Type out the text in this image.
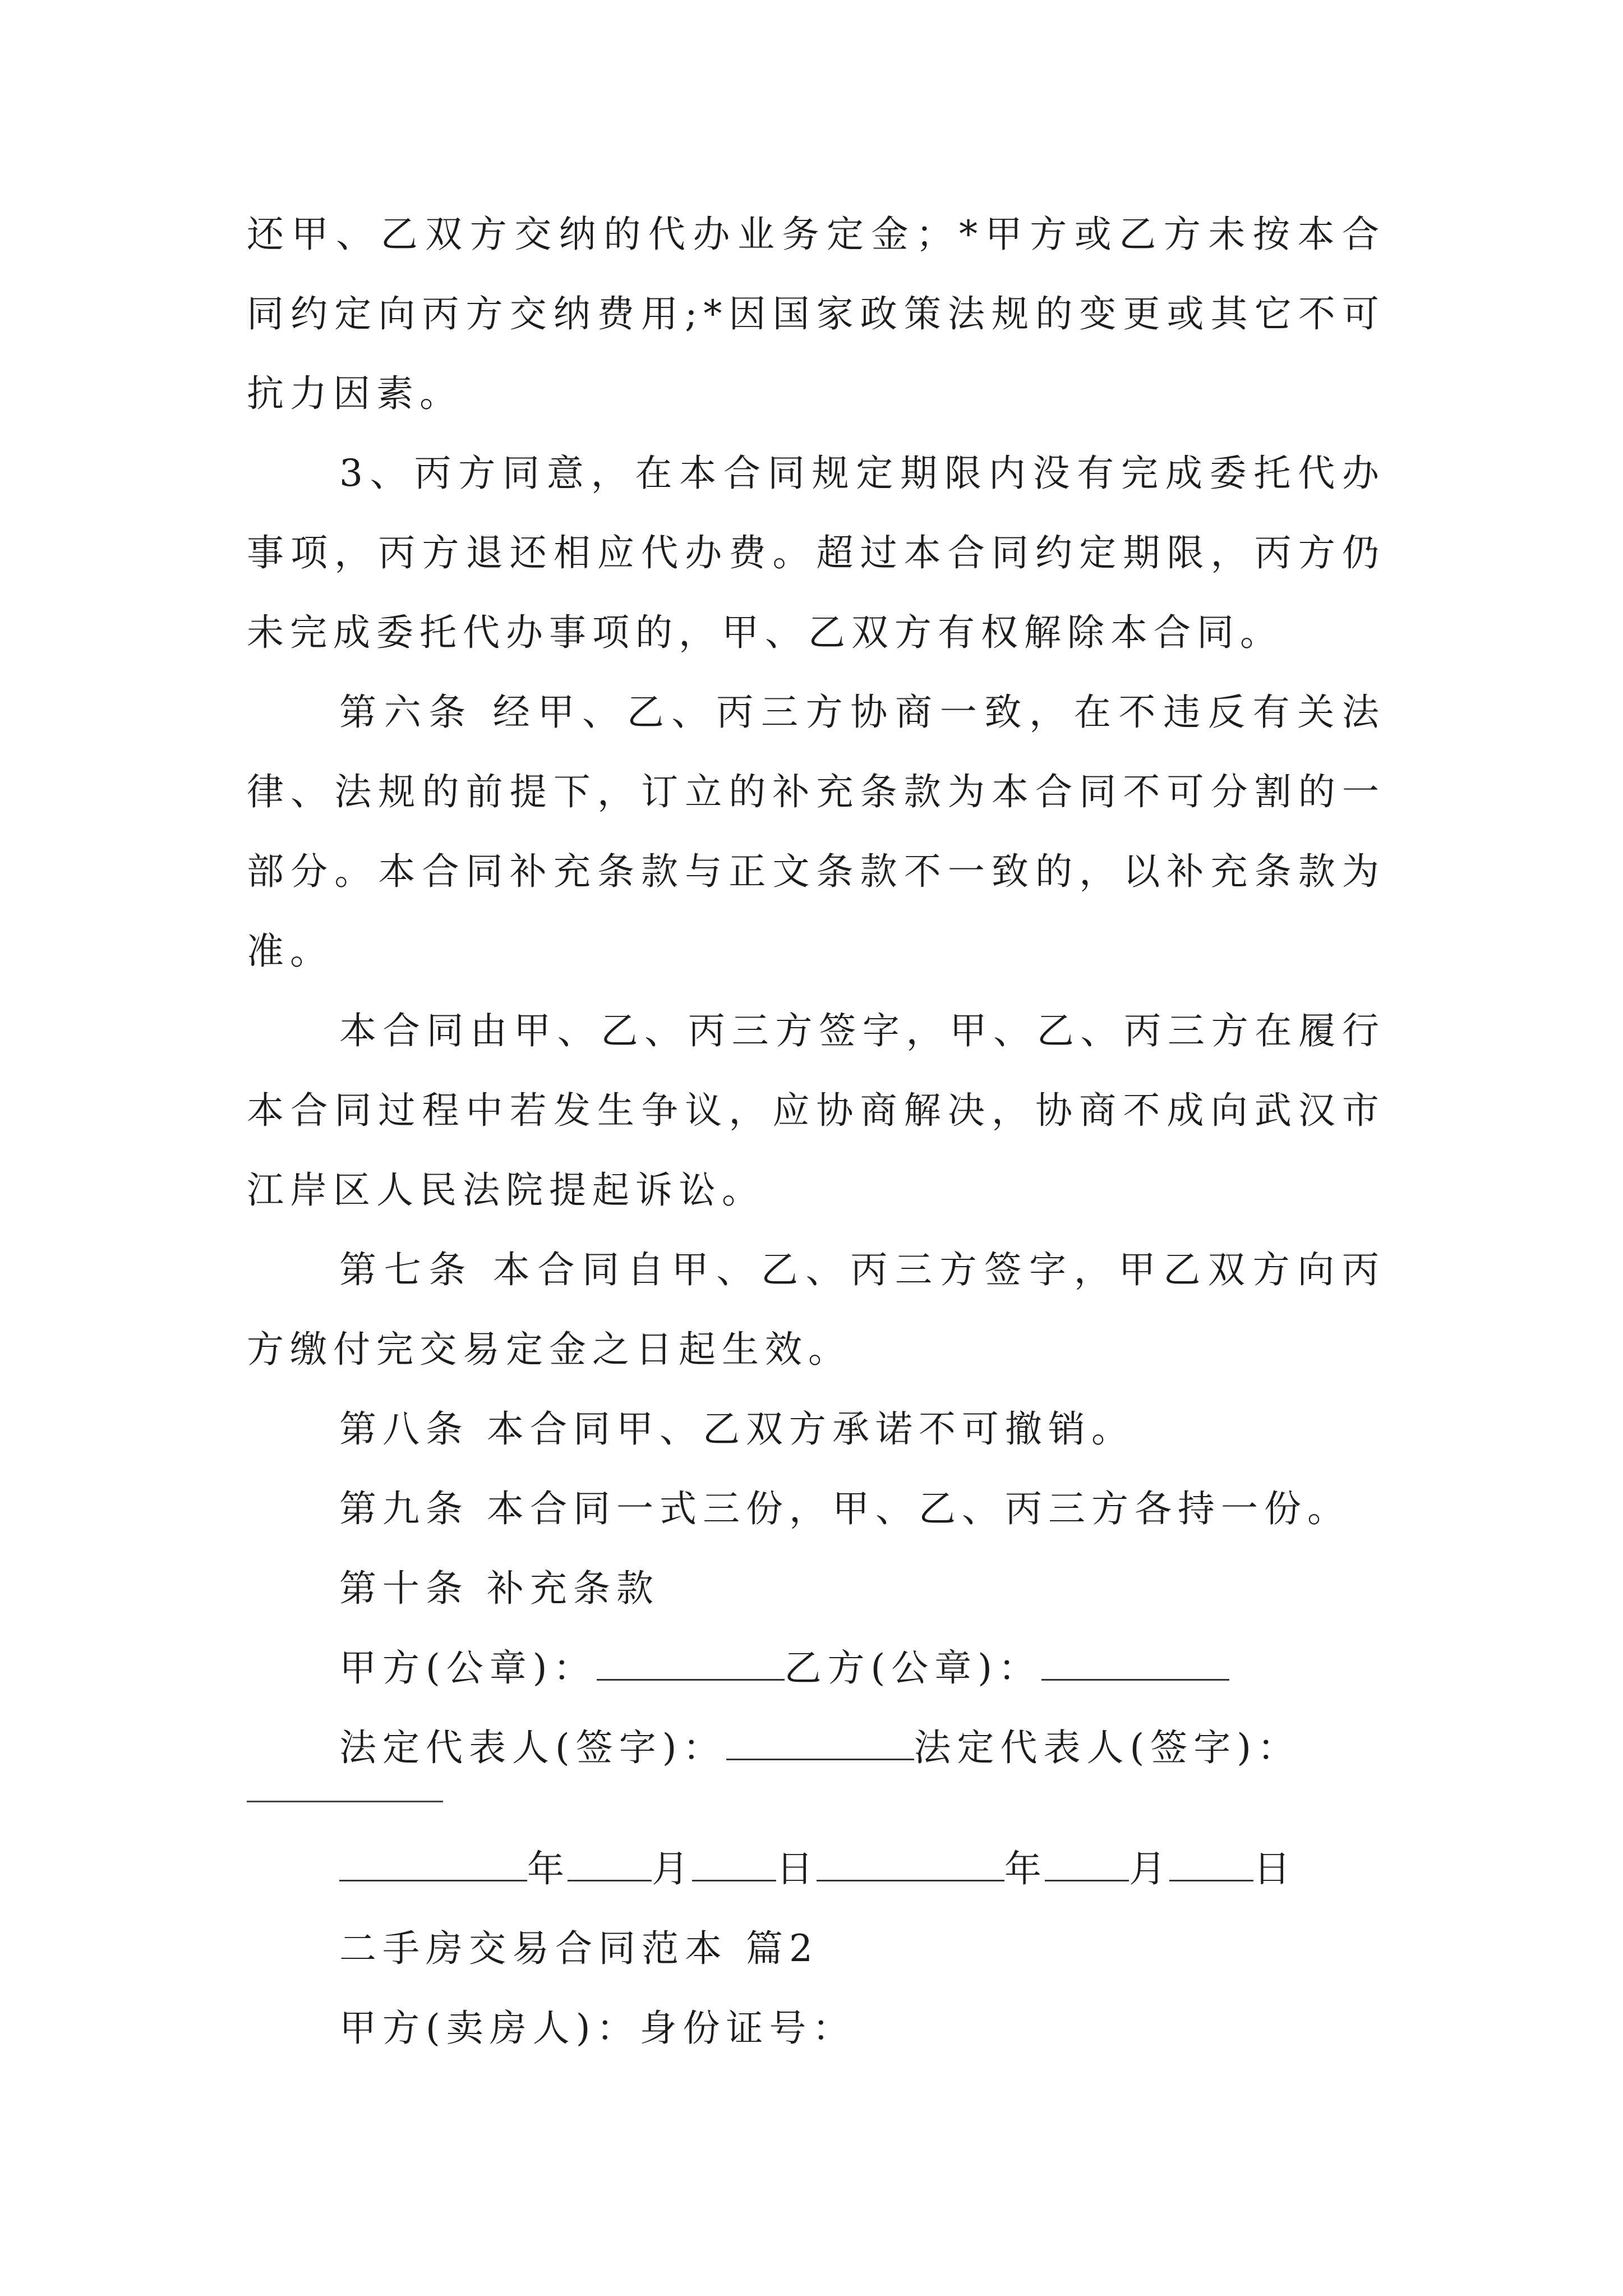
还甲、乙双方交纳的代办业务定金；*甲方或乙方未按本合

同约定向丙方交纳费用;*因国家政策法规的变更或其它不可

抗力因素。

3、丙方同意，在本合同规定期限内没有完成委托代办

事项，丙方退还相应代办费。超过本合同约定期限，丙方仍

未完成委托代办事项的，甲、乙双方有权解除本合同。

第六条 经甲、乙、丙三方协商一致，在不违反有关法

律、法规的前提下，订立的补充条款为本合同不可分割的一

部分。本合同补充条款与正文条款不一致的，以补充条款为

准。

本合同由甲、乙、丙三方签字，甲、乙、丙三方在履行

本合同过程中若发生争议，应协商解决，协商不成向武汉市

江岸区人民法院提起诉讼。

第七条 本合同自甲、乙、丙三方签字，甲乙双方向丙

方缴付完交易定金之日起生效。

第八条 本合同甲、乙双方承诺不可撤销。

第九条 本合同一式三份，甲、乙、丙三方各持一份。

第十条 补充条款

甲方(公章)：	乙方(公章)：

法定代表人(签字)：	法定代表人(签字)：

年 月 日	年 月 日

二手房交易合同范本 篇2

甲方(卖房人)：身份证号：
